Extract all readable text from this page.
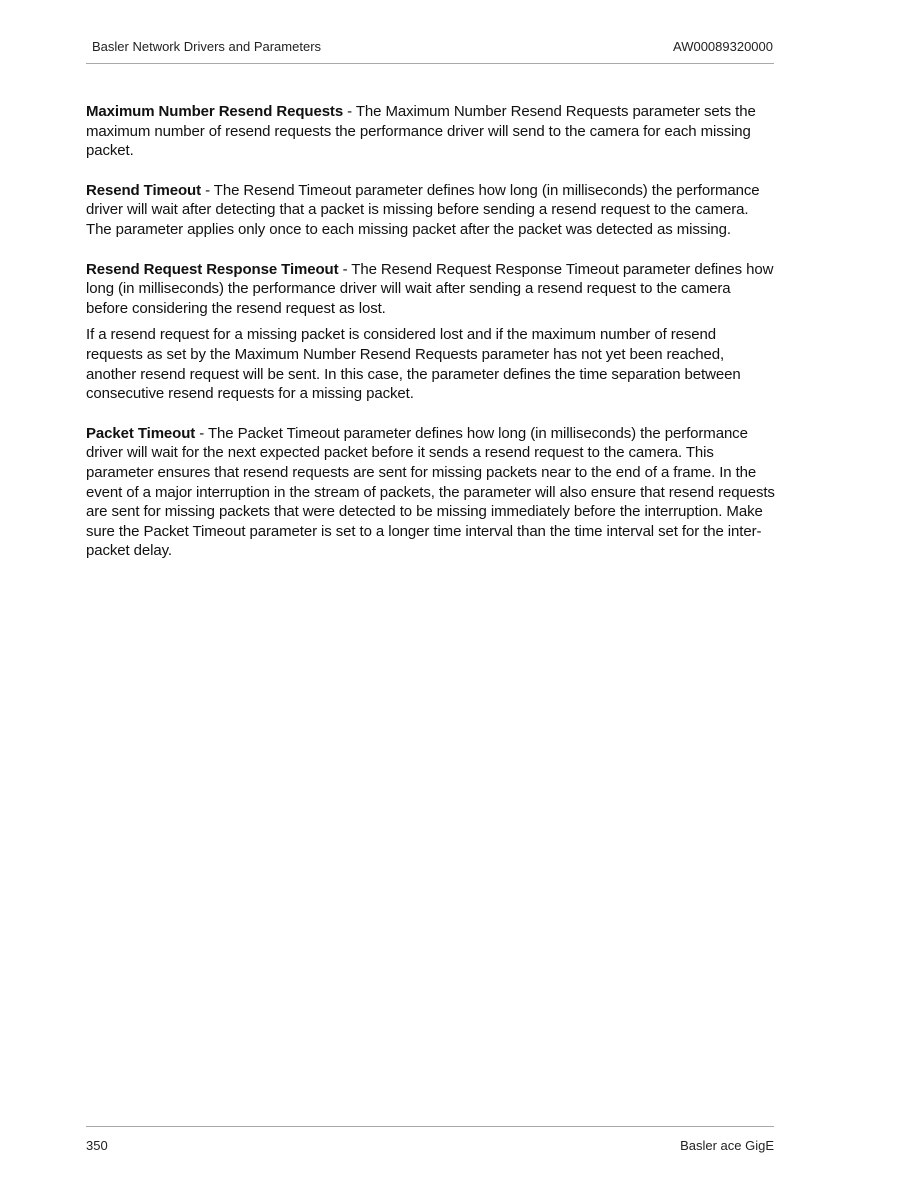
Basler Network Drivers and Parameters	AW00089320000

Maximum Number Resend Requests - The Maximum Number Resend Requests parameter sets the maximum number of resend requests the performance driver will send to the camera for each missing packet.

Resend Timeout - The Resend Timeout parameter defines how long (in milliseconds) the performance driver will wait after detecting that a packet is missing before sending a resend request to the camera. The parameter applies only once to each missing packet after the packet was detected as missing.

Resend Request Response Timeout - The Resend Request Response Timeout parameter defines how long (in milliseconds) the performance driver will wait after sending a resend request to the camera before considering the resend request as lost.

If a resend request for a missing packet is considered lost and if the maximum number of resend requests as set by the Maximum Number Resend Requests parameter has not yet been reached, another resend request will be sent. In this case, the parameter defines the time separation between consecutive resend requests for a missing packet.

Packet Timeout - The Packet Timeout parameter defines how long (in milliseconds) the performance driver will wait for the next expected packet before it sends a resend request to the camera. This parameter ensures that resend requests are sent for missing packets near to the end of a frame. In the event of a major interruption in the stream of packets, the parameter will also ensure that resend requests are sent for missing packets that were detected to be missing immediately before the interruption. Make sure the Packet Timeout parameter is set to a longer time interval than the time interval set for the inter-packet delay.

350	Basler ace GigE
